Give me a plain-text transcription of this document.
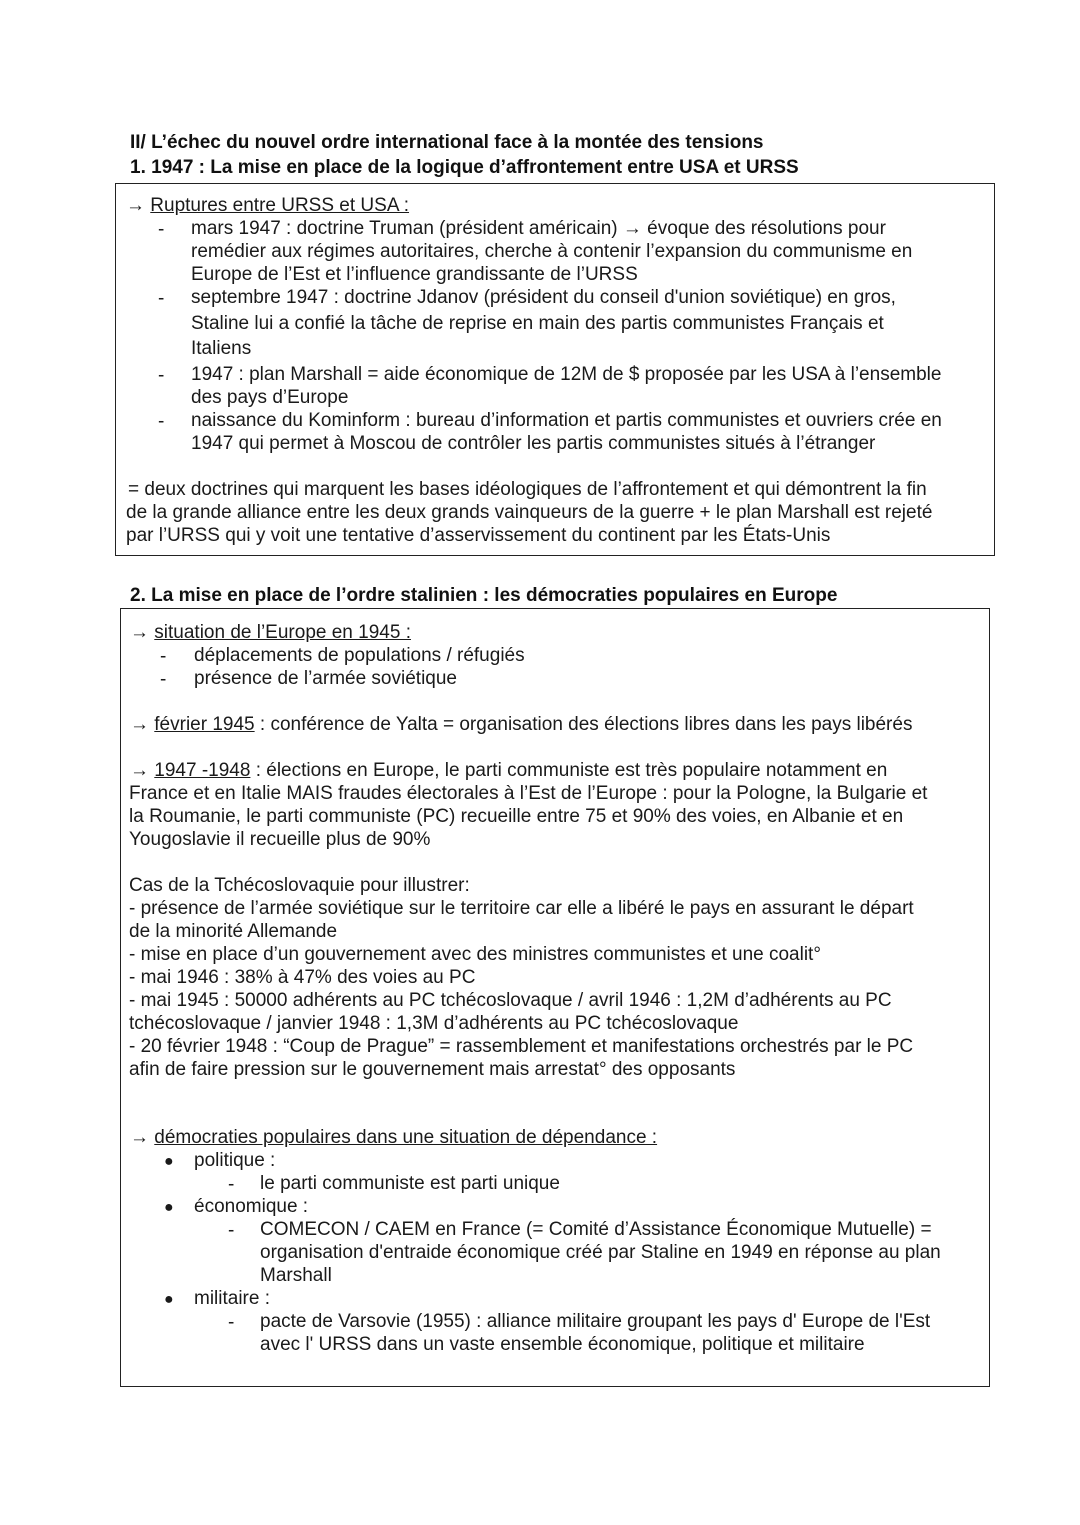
II/ L’échec du nouvel ordre international face à la montée des tensions
1. 1947 : La mise en place de la logique d’affrontement entre USA et URSS
→ Ruptures entre URSS et USA :
- mars 1947 : doctrine Truman (président américain) → évoque des résolutions pour
remédier aux régimes autoritaires, cherche à contenir l’expansion du communisme en
Europe de l’Est et l’influence grandissante de l’URSS
- septembre 1947 : doctrine Jdanov (président du conseil d'union soviétique) en gros,
Staline lui a confié la tâche de reprise en main des partis communistes Français et
Italiens
- 1947 : plan Marshall = aide économique de 12M de $ proposée par les USA à l’ensemble
des pays d’Europe
- naissance du Kominform : bureau d’information et partis communistes et ouvriers crée en
1947 qui permet à Moscou de contrôler les partis communistes situés à l’étranger
= deux doctrines qui marquent les bases idéologiques de l’affrontement et qui démontrent la fin
de la grande alliance entre les deux grands vainqueurs de la guerre + le plan Marshall est rejeté
par l’URSS qui y voit une tentative d’asservissement du continent par les États-Unis
2. La mise en place de l’ordre stalinien : les démocraties populaires en Europe
→ situation de l’Europe en 1945 :
- déplacements de populations / réfugiés
- présence de l’armée soviétique
→ février 1945 : conférence de Yalta = organisation des élections libres dans les pays libérés
→ 1947 -1948 : élections en Europe, le parti communiste est très populaire notamment en
France et en Italie MAIS fraudes électorales à l’Est de l’Europe : pour la Pologne, la Bulgarie et
la Roumanie, le parti communiste (PC) recueille entre 75 et 90% des voies, en Albanie et en
Yougoslavie il recueille plus de 90%
Cas de la Tchécoslovaquie pour illustrer:
- présence de l’armée soviétique sur le territoire car elle a libéré le pays en assurant le départ
de la minorité Allemande
- mise en place d’un gouvernement avec des ministres communistes et une coalit°
- mai 1946 : 38% à 47% des voies au PC
- mai 1945 : 50000 adhérents au PC tchécoslovaque / avril 1946 : 1,2M d’adhérents au PC
tchécoslovaque / janvier 1948 : 1,3M d’adhérents au PC tchécoslovaque
- 20 février 1948 : “Coup de Prague” = rassemblement et manifestations orchestrés par le PC
afin de faire pression sur le gouvernement mais arrestat° des opposants
→ démocraties populaires dans une situation de dépendance :
● politique :
- le parti communiste est parti unique
● économique :
- COMECON / CAEM en France (= Comité d’Assistance Économique Mutuelle) =
organisation d'entraide économique créé par Staline en 1949 en réponse au plan
Marshall
● militaire :
- pacte de Varsovie (1955) : alliance militaire groupant les pays d' Europe de l'Est
avec l' URSS dans un vaste ensemble économique, politique et militaire
